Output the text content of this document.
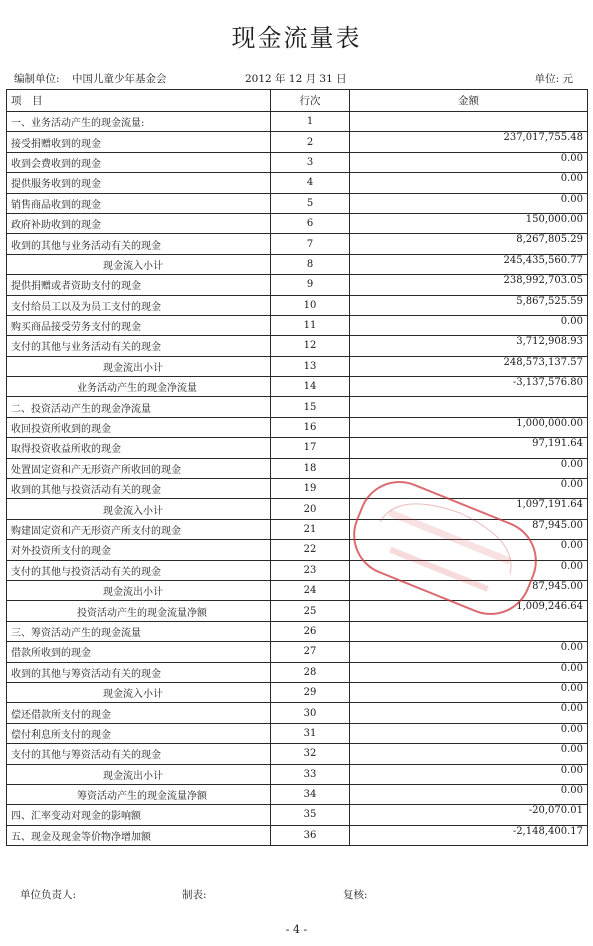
现金流量表
编制单位: 中国儿童少年基金会	2012 年 12 月 31 日	单位: 元
项　目	行次	金额
一、业务活动产生的现金流量:	1	
接受捐赠收到的现金	2	237,017,755.48
收到会费收到的现金	3	0.00
提供服务收到的现金	4	0.00
销售商品收到的现金	5	0.00
政府补助收到的现金	6	150,000.00
收到的其他与业务活动有关的现金	7	8,267,805.29
现金流入小计	8	245,435,560.77
提供捐赠或者资助支付的现金	9	238,992,703.05
支付给员工以及为员工支付的现金	10	5,867,525.59
购买商品接受劳务支付的现金	11	0.00
支付的其他与业务活动有关的现金	12	3,712,908.93
现金流出小计	13	248,573,137.57
业务活动产生的现金净流量	14	-3,137,576.80
二、投资活动产生的现金净流量	15	
收回投资所收到的现金	16	1,000,000.00
取得投资收益所收的现金	17	97,191.64
处置固定资和产无形资产所收回的现金	18	0.00
收到的其他与投资活动有关的现金	19	0.00
现金流入小计	20	1,097,191.64
购建固定资和产无形资产所支付的现金	21	87,945.00
对外投资所支付的现金	22	0.00
支付的其他与投资活动有关的现金	23	0.00
现金流出小计	24	87,945.00
投资活动产生的现金流量净额	25	1,009,246.64
三、筹资活动产生的现金流量	26	
借款所收到的现金	27	0.00
收到的其他与筹资活动有关的现金	28	0.00
现金流入小计	29	0.00
偿还借款所支付的现金	30	0.00
偿付利息所支付的现金	31	0.00
支付的其他与筹资活动有关的现金	32	0.00
现金流出小计	33	0.00
筹资活动产生的现金流量净额	34	0.00
四、汇率变动对现金的影响额	35	-20,070.01
五、现金及现金等价物净增加额	36	-2,148,400.17
单位负责人:	制表:	复核:
- 4 -
